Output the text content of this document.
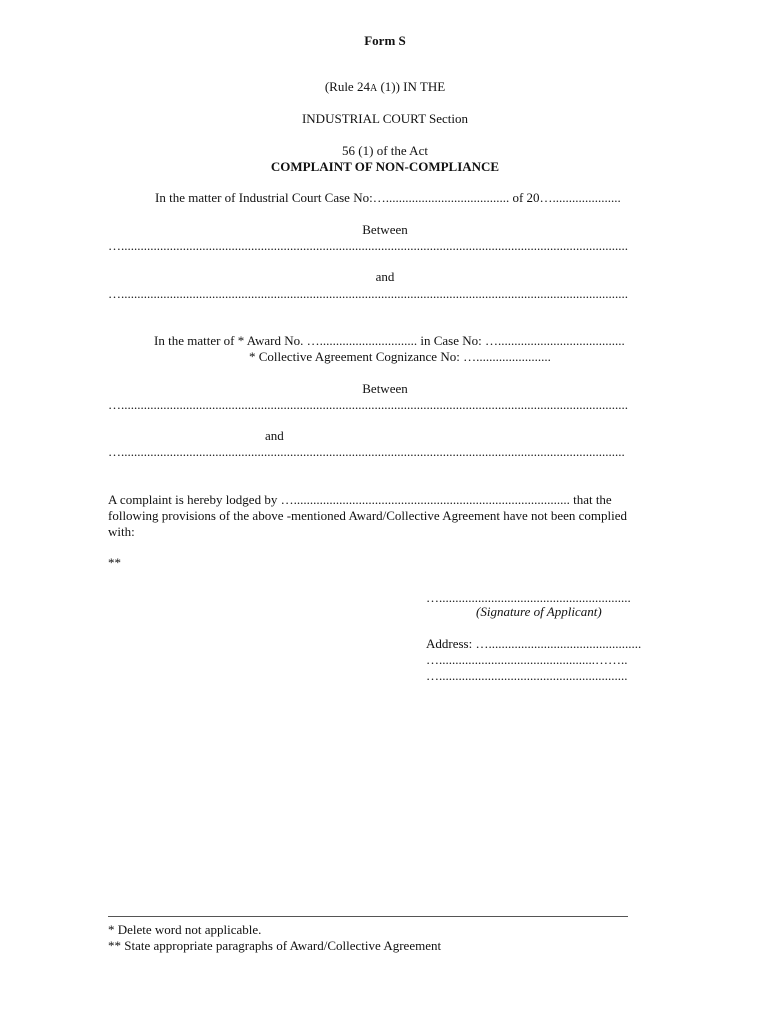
Form S
(Rule 24A (1)) IN THE
INDUSTRIAL COURT Section
56 (1) of the Act
COMPLAINT OF NON-COMPLIANCE
In the matter of Industrial Court Case No:…...................................... of 20….....................
Between
…............................................................................................................................................................
and
…............................................................................................................................................................
In the matter of * Award No. ….............................. in Case No: ….......................................
* Collective Agreement Cognizance No: ….......................
Between
…............................................................................................................................................................
and
…...........................................................................................................................................................
A complaint is hereby lodged by …..................................................................................... that the
following provisions of the above -mentioned Award/Collective Agreement have not been complied
with:
**
…...........................................................
(Signature of Applicant)
Address: …...............................................
…................................................……..
…..........................................................
* Delete word not applicable.
** State appropriate paragraphs of Award/Collective Agreement
